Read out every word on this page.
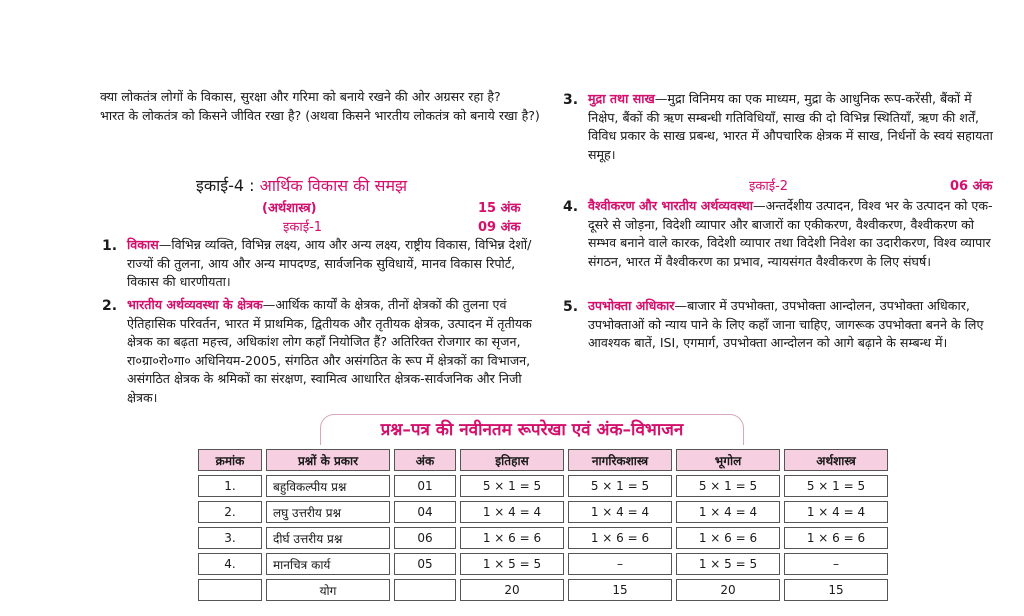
क्या लोकतंत्र लोगों के विकास, सुरक्षा और गरिमा को बनाये रखने की ओर अग्रसर रहा है?

भारत के लोकतंत्र को किसने जीवित रखा है? (अथवा किसने भारतीय लोकतंत्र को बनाये रखा है?)

इकाई-4 : आर्थिक विकास की समझ
(अर्थशास्त्र)	15 अंक
इकाई-1	09 अंक
1. विकास—विभिन्न व्यक्ति, विभिन्न लक्ष्य, आय और अन्य लक्ष्य, राष्ट्रीय विकास, विभिन्न देशों/राज्यों की तुलना, आय और अन्य मापदण्ड, सार्वजनिक सुविधायें, मानव विकास रिपोर्ट, विकास की धारणीयता।
2. भारतीय अर्थव्यवस्था के क्षेत्रक—आर्थिक कार्यों के क्षेत्रक, तीनों क्षेत्रकों की तुलना एवं ऐतिहासिक परिवर्तन, भारत में प्राथमिक, द्वितीयक और तृतीयक क्षेत्रक, उत्पादन में तृतीयक क्षेत्रक का बढ़ता महत्त्व, अधिकांश लोग कहाँ नियोजित हैं? अतिरिक्त रोजगार का सृजन, रा०ग्रा०रो०गा० अधिनियम-2005, संगठित और असंगठित के रूप में क्षेत्रकों का विभाजन, असंगठित क्षेत्रक के श्रमिकों का संरक्षण, स्वामित्व आधारित क्षेत्रक-सार्वजनिक और निजी क्षेत्रक।
3. मुद्रा तथा साख—मुद्रा विनिमय का एक माध्यम, मुद्रा के आधुनिक रूप-करेंसी, बैंकों में निक्षेप, बैंकों की ऋण सम्बन्धी गतिविधियाँ, साख की दो विभिन्न स्थितियाँ, ऋण की शर्तें, विविध प्रकार के साख प्रबन्ध, भारत में औपचारिक क्षेत्रक में साख, निर्धनों के स्वयं सहायता समूह।
इकाई-2	06 अंक
4. वैश्वीकरण और भारतीय अर्थव्यवस्था—अन्तर्देशीय उत्पादन, विश्व भर के उत्पादन को एक-दूसरे से जोड़ना, विदेशी व्यापार और बाजारों का एकीकरण, वैश्वीकरण, वैश्वीकरण को सम्भव बनाने वाले कारक, विदेशी व्यापार तथा विदेशी निवेश का उदारीकरण, विश्व व्यापार संगठन, भारत में वैश्वीकरण का प्रभाव, न्यायसंगत वैश्वीकरण के लिए संघर्ष।
5. उपभोक्ता अधिकार—बाजार में उपभोक्ता, उपभोक्ता आन्दोलन, उपभोक्ता अधिकार, उपभोक्ताओं को न्याय पाने के लिए कहाँ जाना चाहिए, जागरूक उपभोक्ता बनने के लिए आवश्यक बातें, ISI, एगमार्ग, उपभोक्ता आन्दोलन को आगे बढ़ाने के सम्बन्ध में।
प्रश्न–पत्र की नवीनतम रूपरेखा एवं अंक–विभाजन
क्रमांक	प्रश्नों के प्रकार	अंक	इतिहास	नागरिकशास्त्र	भूगोल	अर्थशास्त्र
1.	बहुविकल्पीय प्रश्न	01	5 × 1 = 5	5 × 1 = 5	5 × 1 = 5	5 × 1 = 5
2.	लघु उत्तरीय प्रश्न	04	1 × 4 = 4	1 × 4 = 4	1 × 4 = 4	1 × 4 = 4
3.	दीर्घ उत्तरीय प्रश्न	06	1 × 6 = 6	1 × 6 = 6	1 × 6 = 6	1 × 6 = 6
4.	मानचित्र कार्य	05	1 × 5 = 5	–	1 × 5 = 5	–
	योग		20	15	20	15
